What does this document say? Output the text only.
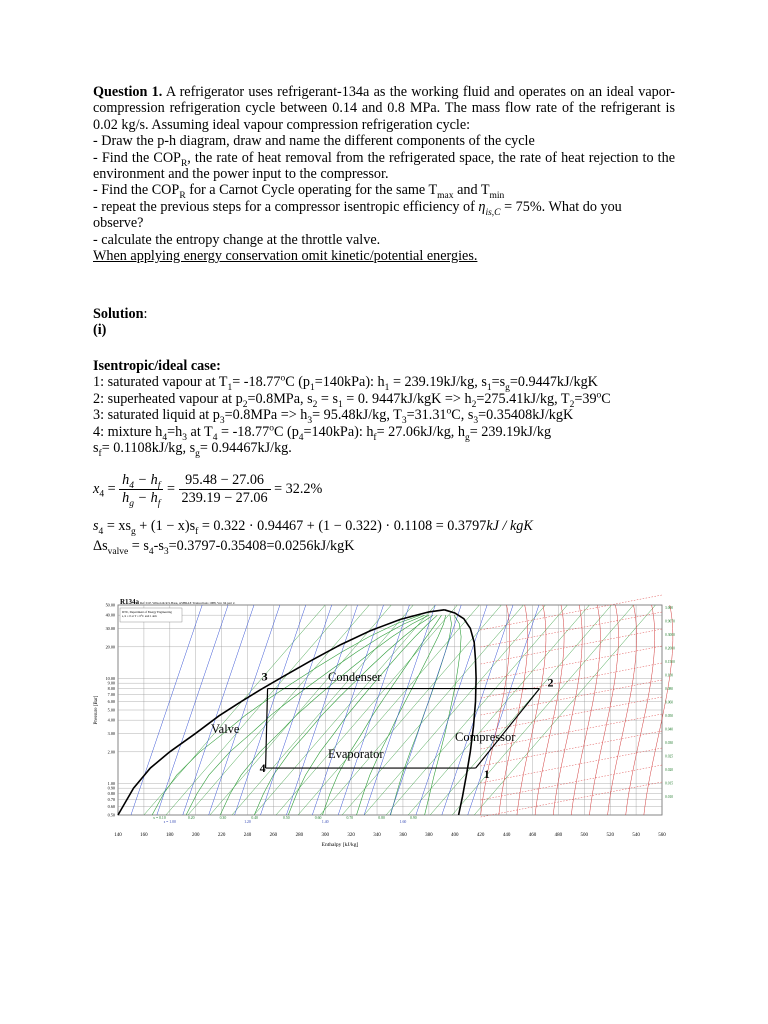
Question 1. A refrigerator uses refrigerant-134a as the working fluid and operates on an ideal vapor-compression refrigeration cycle between 0.14 and 0.8 MPa. The mass flow rate of the refrigerant is 0.02 kg/s. Assuming ideal vapour compression refrigeration cycle:

- Draw the p-h diagram, draw and name the different components of the cycle

- Find the $COP_R$, the rate of heat removal from the refrigerated space, the rate of heat rejection to the environment and the power input to the compressor.

- Find the $COP_R$ for a Carnot Cycle operating for the same $T_{max}$ and $T_{min}$

- repeat the previous steps for a compressor isentropic efficiency of $\eta_{is,C} = 75\%$. What do you observe?

- calculate the entropy change at the throttle valve.

When applying energy conservation omit kinetic/potential energies.

Solution:
(i)

Isentropic/ideal case:

1: saturated vapour at $T_1= -18.77^oC$ $(p_1=140kPa)$: $h_1 = 239.19kJ/kg$, $s_1=s_g=0.9447kJ$/kgK

2: superheated vapour at $p_2=0.8MPa$, $s_2 = s_1 = 0$. $9447kJ/kgK => h_2=275.41kJ/kg$, $T_2=39^oC$

3: saturated liquid at $p_3=0.8MPa => h_3= 95.48kJ/kg$, $T_3=31.31^oC$, $s_3=0.35408kJ$/kgK

4: mixture $h_4=h_3$ at $T_4 = -18.77^oC$ $(p_4=140kPa)$: $h_f= 27.06kJ/kg$, $h_g= 239.19kJ/kg$

$s_f= 0.1108kJ/kg$, $s_g= 0.94467kJ/kg$.

$x_4 = \frac{h_4 - h_f}{h_g - h_f} = \frac{95.48 - 27.06}{239.19 - 27.06} = 32.2\%$
$s_4 = xs_g + (1 - x)s_f = 0.322 \cdot 0.94467 + (1 - 0.322) \cdot 0.1108 = 0.3797kJ$ / kgK
$\Delta s_{valve} = s_4-s_3=0.3797-0.35408=0.0256kJ/kgK$
140	160	180	200	220	240	260	280	300	320	340	360	380	400	420	440	460	480	500	520	540	560
50.00
40.00
30.00
20.00
10.00
9.00
8.00
7.00
6.00
5.00
4.00
3.00
2.00
1.00
0.90
0.80
0.70
0.60
0.50
3	2
4	1
Condenser
Evaporator
Valve
Compressor
R134a Ref: D.P. Wilson & R.S.Basu, ASHRAE Transactions 1988, Vol. 94 part 2.
DTU, Department of Energy Engineering
s, h = 0 at T = 0°C and 1 atm
Enthalpy [kJ/kg]
Pressure [Bar]
x = 0.10	0.20	0.30	0.40	0.50	0.60	0.70	0.80	0.90
s = 1.00	1.20	1.40	1.60
3.000
0.9070
0.3000
0.2000
0.1500
0.100
0.080
0.060
0.050
0.040
0.030
0.025
0.020
0.015
0.010
